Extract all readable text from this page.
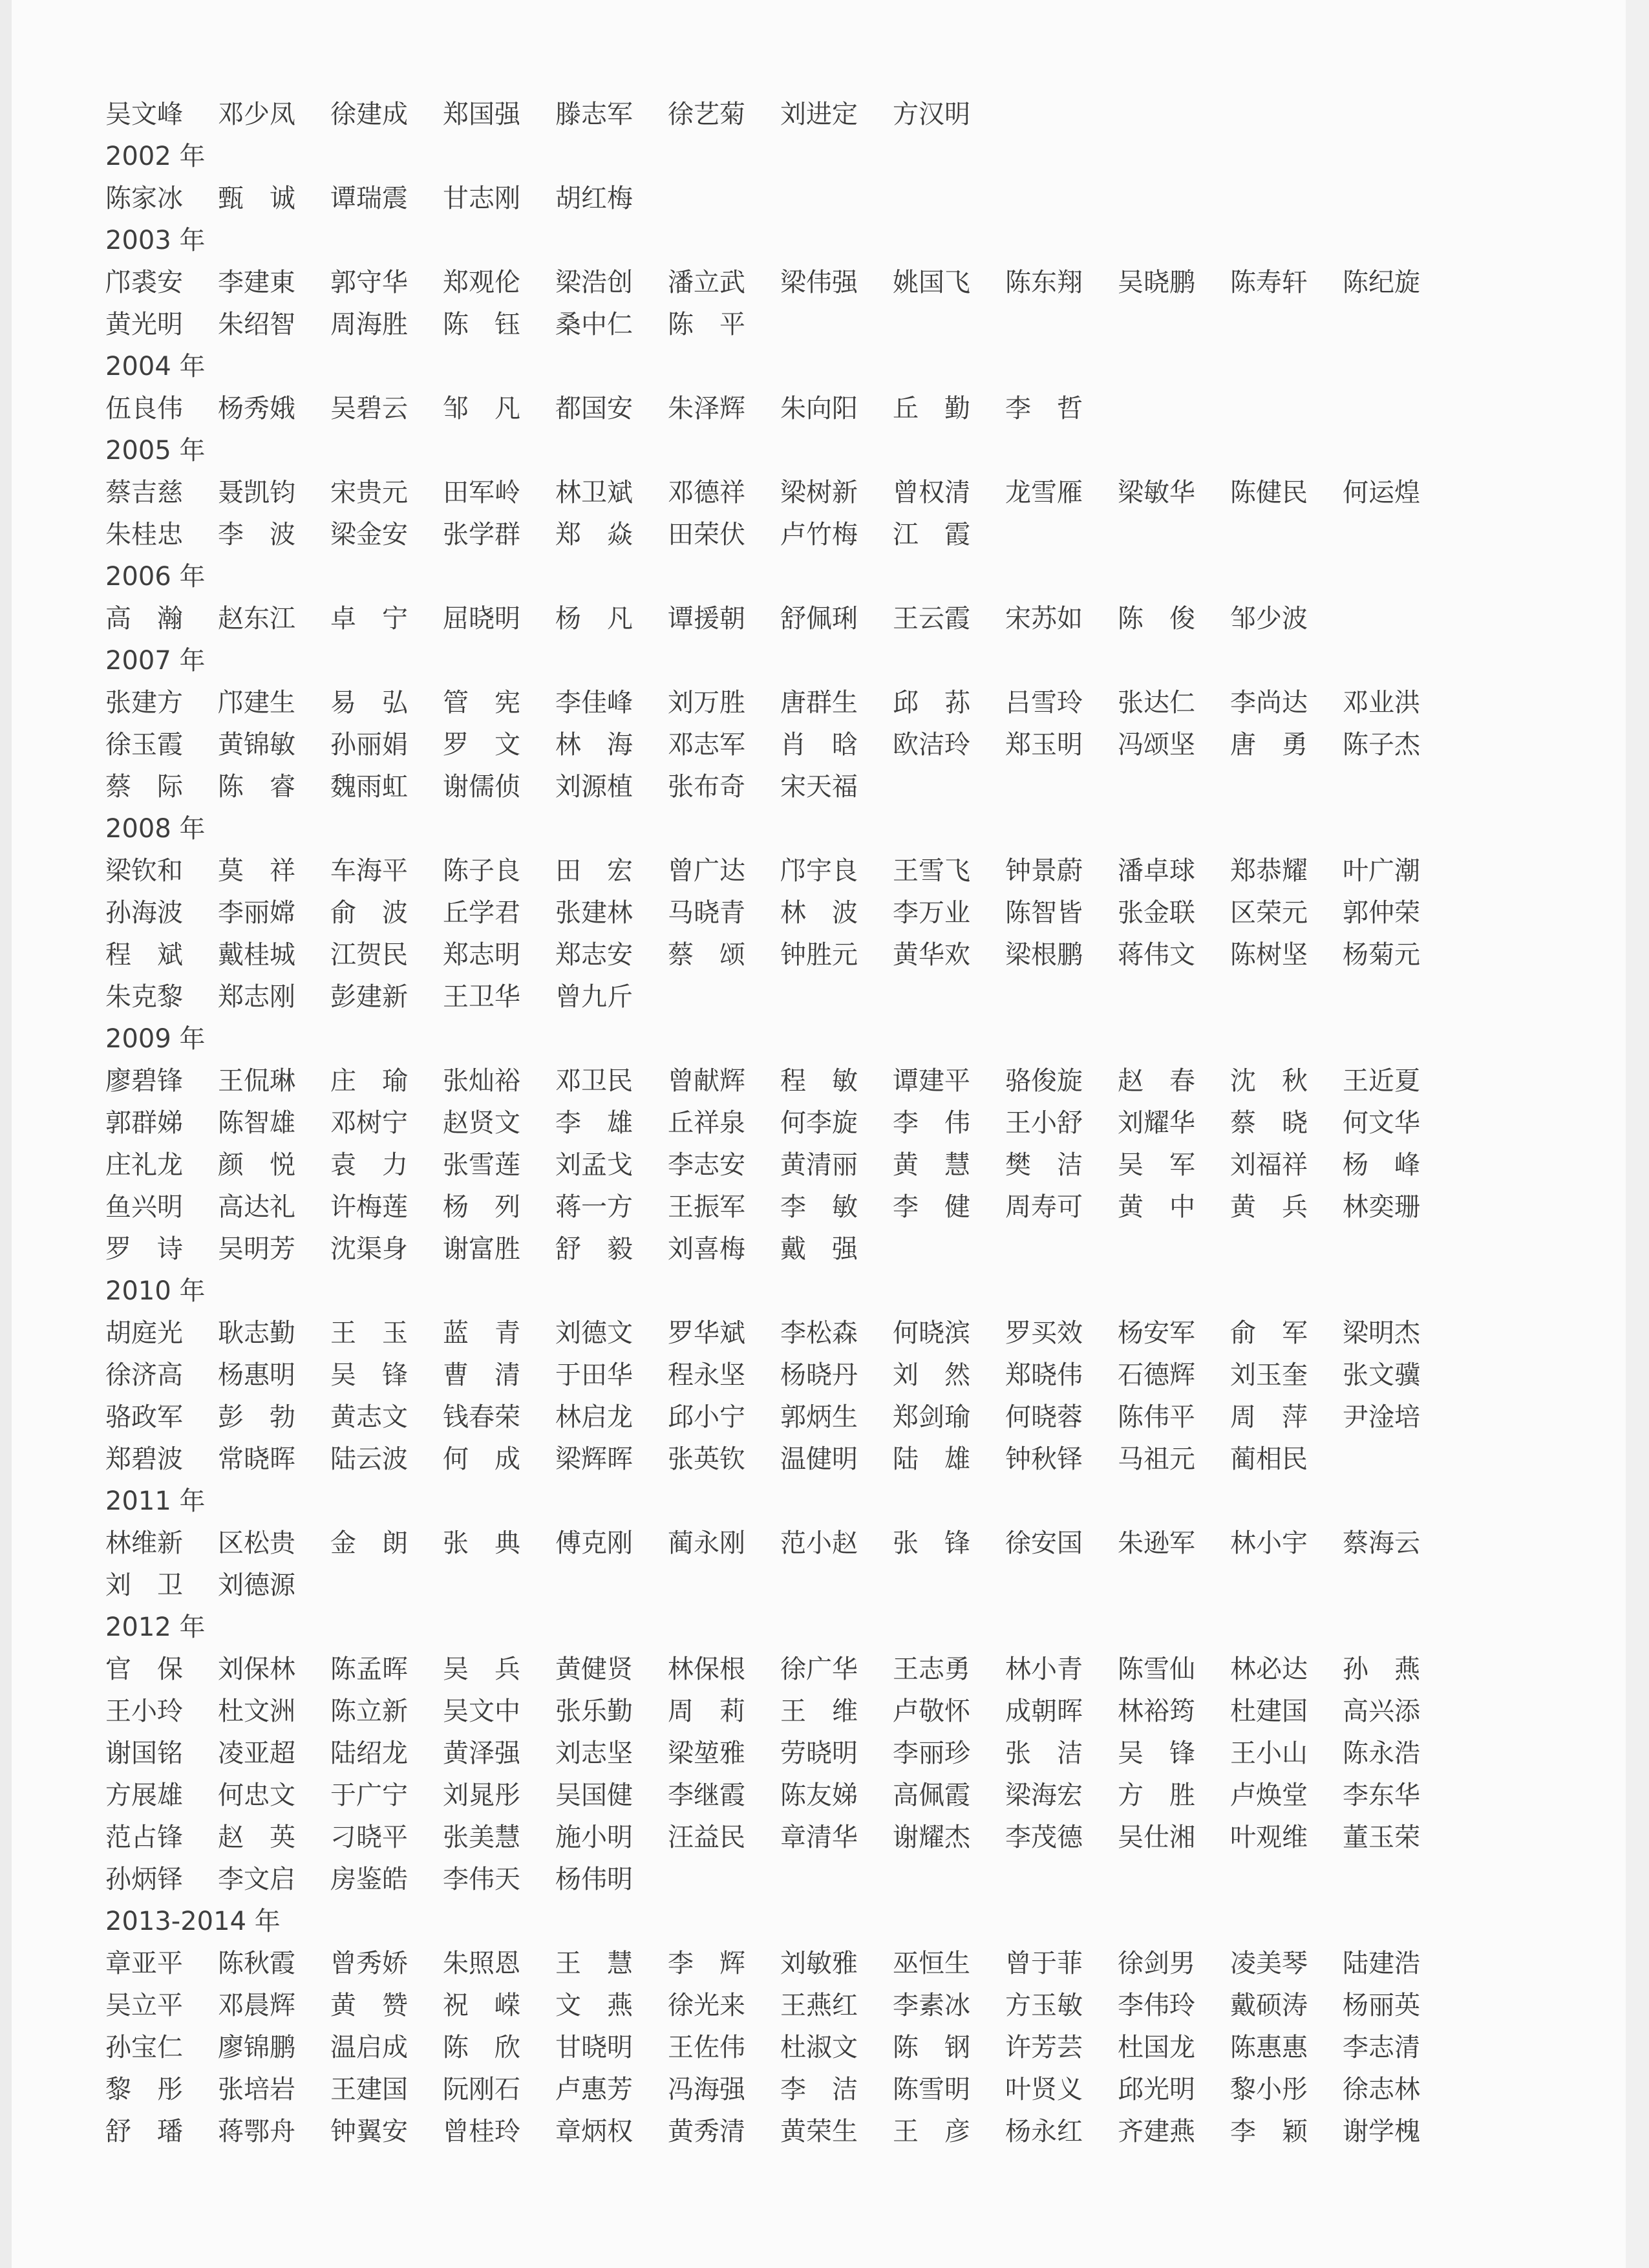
吴文峰 邓少凤 徐建成 郑国强 滕志军 徐艺菊 刘进定 方汉明
2002 年
陈家冰 甄　诚 谭瑞震 甘志刚 胡红梅
2003 年
邝裘安 李建東 郭守华 郑观伦 梁浩创 潘立武 梁伟强 姚国飞 陈东翔 吴晓鹏 陈寿轩 陈纪旋
黄光明 朱绍智 周海胜 陈　钰 桑中仁 陈　平
2004 年
伍良伟 杨秀娥 吴碧云 邹　凡 都国安 朱泽辉 朱向阳 丘　勤 李　哲
2005 年
蔡吉慈 聂凯钧 宋贵元 田军岭 林卫斌 邓德祥 梁树新 曾权清 龙雪雁 梁敏华 陈健民 何运煌
朱桂忠 李　波 梁金安 张学群 郑　焱 田荣伏 卢竹梅 江　霞
2006 年
高　瀚 赵东江 卓　宁 屈晓明 杨　凡 谭援朝 舒佩琍 王云霞 宋苏如 陈　俊 邹少波
2007 年
张建方 邝建生 易　弘 管　宪 李佳峰 刘万胜 唐群生 邱　荪 吕雪玲 张达仁 李尚达 邓业洪
徐玉霞 黄锦敏 孙丽娟 罗　文 林　海 邓志军 肖　晗 欧洁玲 郑玉明 冯颂坚 唐　勇 陈子杰
蔡　际 陈　睿 魏雨虹 谢儒侦 刘源植 张布奇 宋天福
2008 年
梁钦和 莫　祥 车海平 陈子良 田　宏 曾广达 邝宇良 王雪飞 钟景蔚 潘卓球 郑恭耀 叶广潮
孙海波 李丽嫦 俞　波 丘学君 张建林 马晓青 林　波 李万业 陈智皆 张金联 区荣元 郭仲荣
程　斌 戴桂城 江贺民 郑志明 郑志安 蔡　颂 钟胜元 黄华欢 梁根鹏 蒋伟文 陈树坚 杨菊元
朱克黎 郑志刚 彭建新 王卫华 曾九斤
2009 年
廖碧锋 王侃琳 庄　瑜 张灿裕 邓卫民 曾献辉 程　敏 谭建平 骆俊旋 赵　春 沈　秋 王近夏
郭群娣 陈智雄 邓树宁 赵贤文 李　雄 丘祥泉 何李旋 李　伟 王小舒 刘耀华 蔡　晓 何文华
庄礼龙 颜　悦 袁　力 张雪莲 刘孟戈 李志安 黄清丽 黄　慧 樊　洁 吴　军 刘福祥 杨　峰
鱼兴明 高达礼 许梅莲 杨　列 蒋一方 王振军 李　敏 李　健 周寿可 黄　中 黄　兵 林奕珊
罗　诗 吴明芳 沈渠身 谢富胜 舒　毅 刘喜梅 戴　强
2010 年
胡庭光 耿志勤 王　玉 蓝　青 刘德文 罗华斌 李松森 何晓滨 罗买效 杨安军 俞　军 梁明杰
徐济高 杨惠明 吴　锋 曹　清 于田华 程永坚 杨晓丹 刘　然 郑晓伟 石德辉 刘玉奎 张文骥
骆政军 彭　勃 黄志文 钱春荣 林启龙 邱小宁 郭炳生 郑剑瑜 何晓蓉 陈伟平 周　萍 尹淦培
郑碧波 常晓晖 陆云波 何　成 梁辉晖 张英钦 温健明 陆　雄 钟秋铎 马祖元 蔺相民
2011 年
林维新 区松贵 金　朗 张　典 傅克刚 蔺永刚 范小赵 张　锋 徐安国 朱逊军 林小宇 蔡海云
刘　卫 刘德源
2012 年
官　保 刘保林 陈孟晖 吴　兵 黄健贤 林保根 徐广华 王志勇 林小青 陈雪仙 林必达 孙　燕
王小玲 杜文洲 陈立新 吴文中 张乐勤 周　莉 王　维 卢敬怀 成朝晖 林裕筠 杜建国 高兴添
谢国铭 凌亚超 陆绍龙 黄泽强 刘志坚 梁堃雅 劳晓明 李丽珍 张　洁 吴　锋 王小山 陈永浩
方展雄 何忠文 于广宁 刘晁彤 吴国健 李继霞 陈友娣 高佩霞 梁海宏 方　胜 卢焕堂 李东华
范占锋 赵　英 刁晓平 张美慧 施小明 汪益民 章清华 谢耀杰 李茂德 吴仕湘 叶观维 董玉荣
孙炳铎 李文启 房鉴皓 李伟天 杨伟明
2013-2014 年
章亚平 陈秋霞 曾秀娇 朱照恩 王　慧 李　辉 刘敏雅 巫恒生 曾于菲 徐剑男 凌美琴 陆建浩
吴立平 邓晨辉 黄　赞 祝　嵘 文　燕 徐光来 王燕红 李素冰 方玉敏 李伟玲 戴硕涛 杨丽英
孙宝仁 廖锦鹏 温启成 陈　欣 甘晓明 王佐伟 杜淑文 陈　钢 许芳芸 杜国龙 陈惠惠 李志清
黎　彤 张培岩 王建国 阮刚石 卢惠芳 冯海强 李　洁 陈雪明 叶贤义 邱光明 黎小彤 徐志林
舒　璠 蒋鄂舟 钟翼安 曾桂玲 章炳权 黄秀清 黄荣生 王　彦 杨永红 齐建燕 李　颖 谢学槐
